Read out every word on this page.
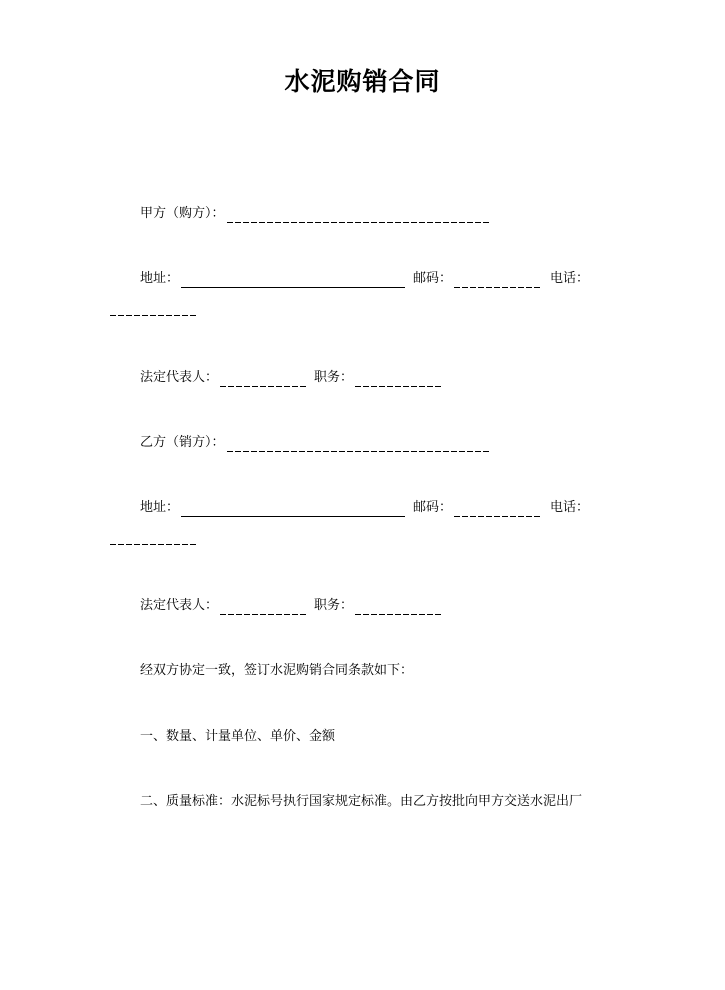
水泥购销合同
甲方（购方）：
地址：	邮码：	电话：
法定代表人：	职务：
乙方（销方）：
地址：	邮码：	电话：
法定代表人：	职务：
经双方协定一致，签订水泥购销合同条款如下：
一、数量、计量单位、单价、金额
二、质量标准：水泥标号执行国家规定标准。由乙方按批向甲方交送水泥出厂
